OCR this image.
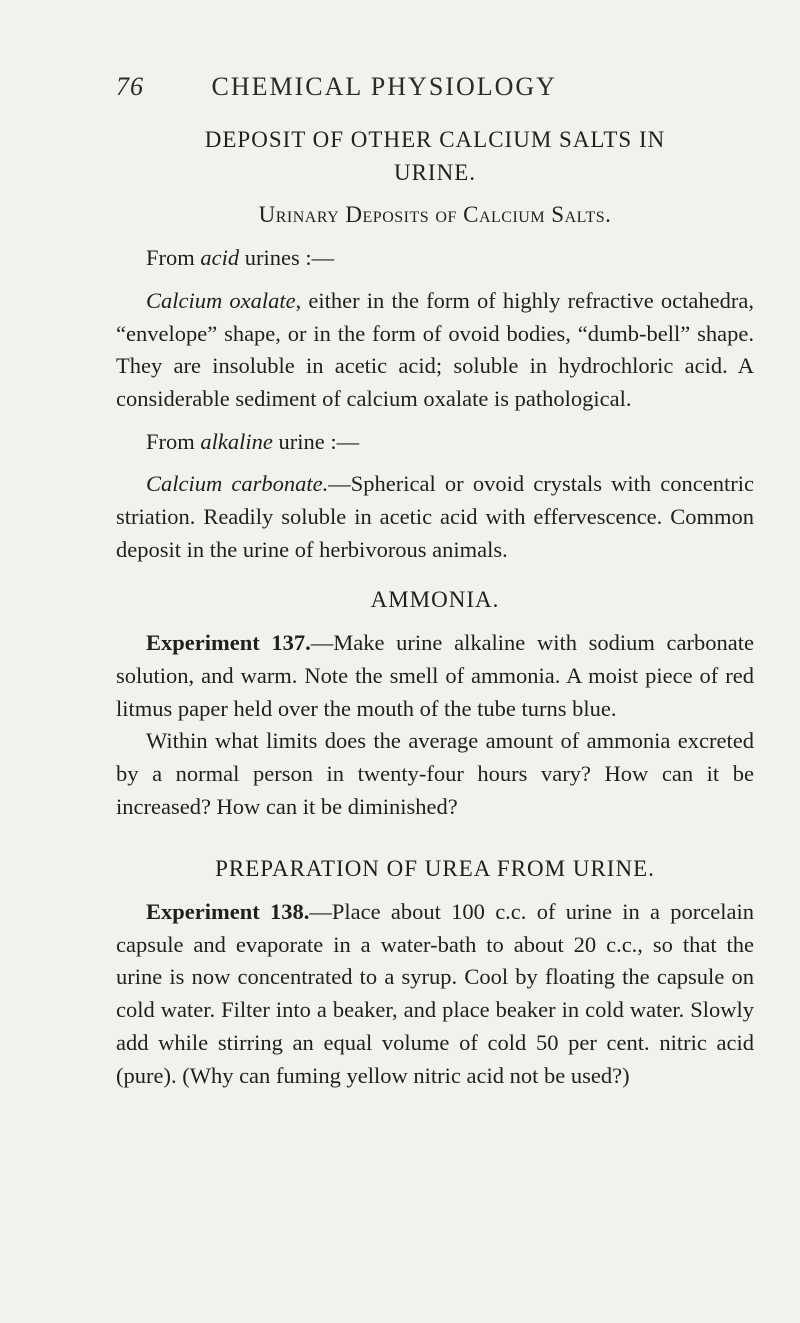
76	CHEMICAL PHYSIOLOGY
DEPOSIT OF OTHER CALCIUM SALTS IN
URINE.
Urinary Deposits of Calcium Salts.

From acid urines :—

Calcium oxalate, either in the form of highly refractive octahedra, “envelope” shape, or in the form of ovoid bodies, “dumb-bell” shape. They are insoluble in acetic acid; soluble in hydrochloric acid. A considerable sediment of calcium oxalate is pathological.

From alkaline urine :—

Calcium carbonate.—Spherical or ovoid crystals with concentric striation. Readily soluble in acetic acid with effervescence. Common deposit in the urine of herbivorous animals.

AMMONIA.

Experiment 137.—Make urine alkaline with sodium carbonate solution, and warm. Note the smell of ammonia. A moist piece of red litmus paper held over the mouth of the tube turns blue.

Within what limits does the average amount of ammonia excreted by a normal person in twenty-four hours vary? How can it be increased? How can it be diminished?

PREPARATION OF UREA FROM URINE.

Experiment 138.—Place about 100 c.c. of urine in a porcelain capsule and evaporate in a water-bath to about 20 c.c., so that the urine is now concentrated to a syrup. Cool by floating the capsule on cold water. Filter into a beaker, and place beaker in cold water. Slowly add while stirring an equal volume of cold 50 per cent. nitric acid (pure). (Why can fuming yellow nitric acid not be used?)
